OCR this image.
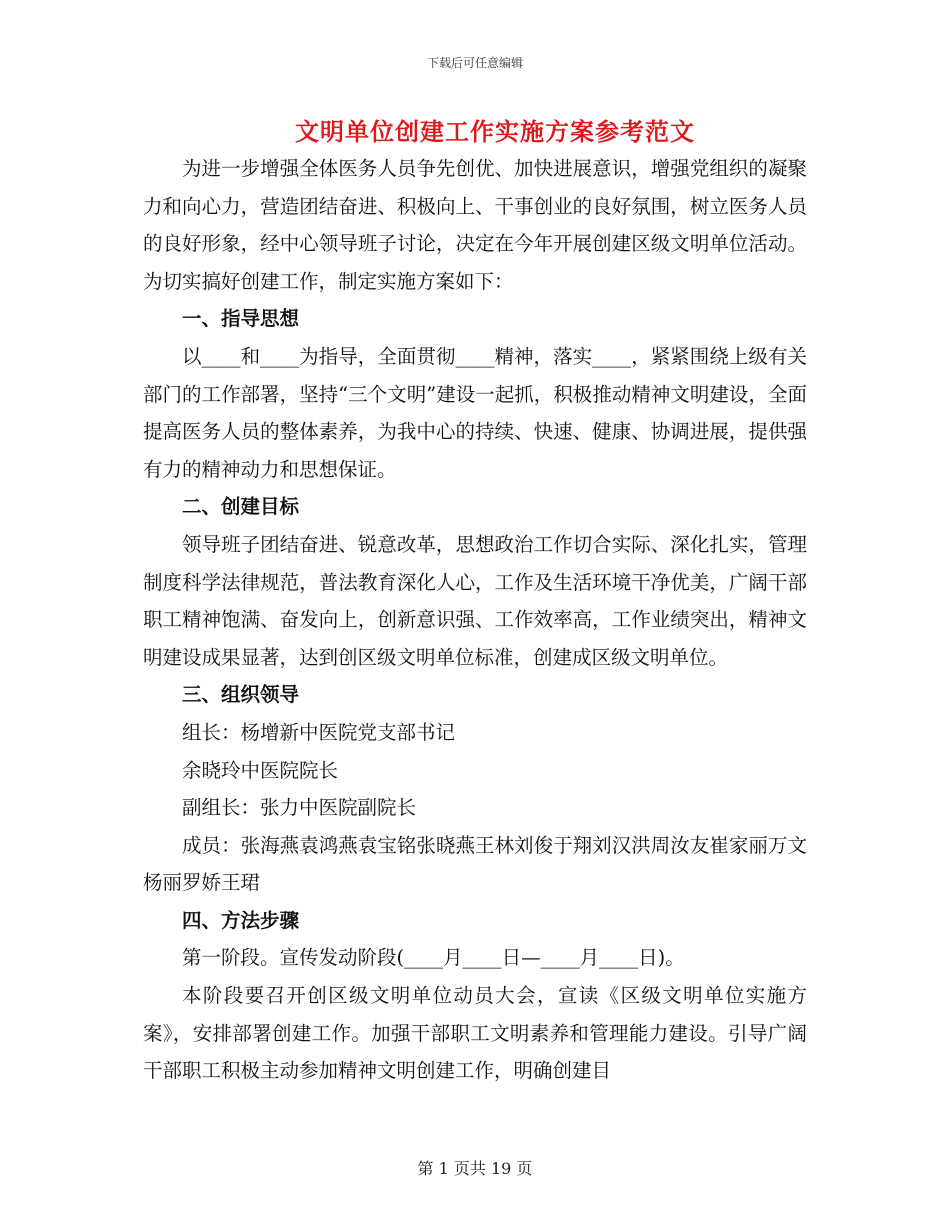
下载后可任意编辑
文明单位创建工作实施方案参考范文

为进一步增强全体医务人员争先创优、加快进展意识，增强党组织的凝聚力和向心力，营造团结奋进、积极向上、干事创业的良好氛围，树立医务人员的良好形象，经中心领导班子讨论，决定在今年开展创建区级文明单位活动。为切实搞好创建工作，制定实施方案如下：

一、指导思想

以____和____为指导，全面贯彻____精神，落实____，紧紧围绕上级有关部门的工作部署，坚持“三个文明”建设一起抓，积极推动精神文明建设，全面提高医务人员的整体素养，为我中心的持续、快速、健康、协调进展，提供强有力的精神动力和思想保证。

二、创建目标

领导班子团结奋进、锐意改革，思想政治工作切合实际、深化扎实，管理制度科学法律规范，普法教育深化人心，工作及生活环境干净优美，广阔干部职工精神饱满、奋发向上，创新意识强、工作效率高，工作业绩突出，精神文明建设成果显著，达到创区级文明单位标准，创建成区级文明单位。

三、组织领导

组长：杨增新中医院党支部书记

余晓玲中医院院长

副组长：张力中医院副院长

成员：张海燕袁鸿燕袁宝铭张晓燕王林刘俊于翔刘汉洪周汝友崔家丽万文杨丽罗娇王珺

四、方法步骤

第一阶段。宣传发动阶段(____月____日—____月____日)。

本阶段要召开创区级文明单位动员大会，宣读《区级文明单位实施方案》，安排部署创建工作。加强干部职工文明素养和管理能力建设。引导广阔干部职工积极主动参加精神文明创建工作，明确创建目

第 1 页共 19 页
